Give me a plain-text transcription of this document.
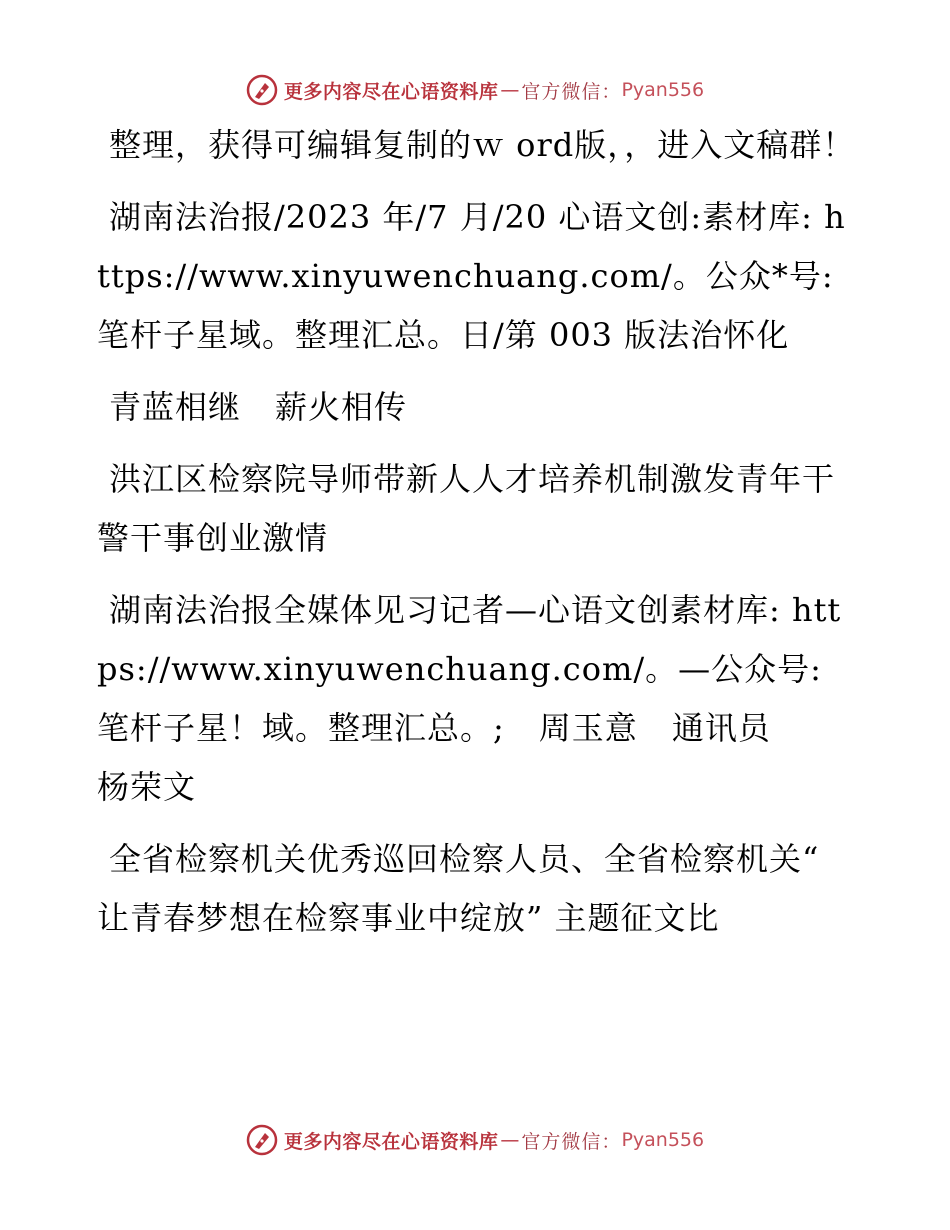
更多内容尽在心语资料库 — 官方微信： Pyan556

整理，获得可编辑复制的ｗ ord版，，进入文稿群！

湖南法治报/2023 年/7 月/20 心语文创:素材库: https://www.xinyuwenchuang.com/。公众*号: 笔杆子星域。整理汇总。日/第 003 版法治怀化

青蓝相继 薪火相传

洪江区检察院导师带新人人才培养机制激发青年干警干事创业激情

湖南法治报全媒体见习记者—心语文创素材库: https://www.xinyuwenchuang.com/。—公众号: 笔杆子星！域。整理汇总。; 周玉意 通讯员
杨荣文

全省检察机关优秀巡回检察人员、全省检察机关“ 让青春梦想在检察事业中绽放” 主题征文比

更多内容尽在心语资料库 — 官方微信： Pyan556
